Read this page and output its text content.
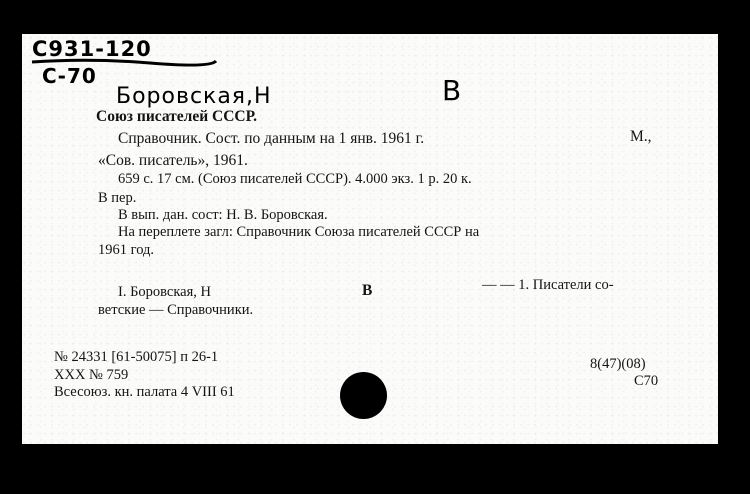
С931-120
С-70
Боровская,Н	В

Союз писателей СССР.

Справочник. Сост. по данным на 1 янв. 1961 г.	М.,

«Сов. писатель», 1961.

659 с. 17 см. (Союз писателей СССР). 4.000 экз. 1 р. 20 к.

В пер.

В вып. дан. сост: Н. В. Боровская.

На переплете загл: Справочник Союза писателей СССР на

1961 год.

I. Боровская, Н	В	— — 1. Писатели со-

ветские — Справочники.

№ 24331 [61-50075] п 26-1

XXX № 759

Всесоюз. кн. палата 4 VIII 61

8(47)(08)

С70
